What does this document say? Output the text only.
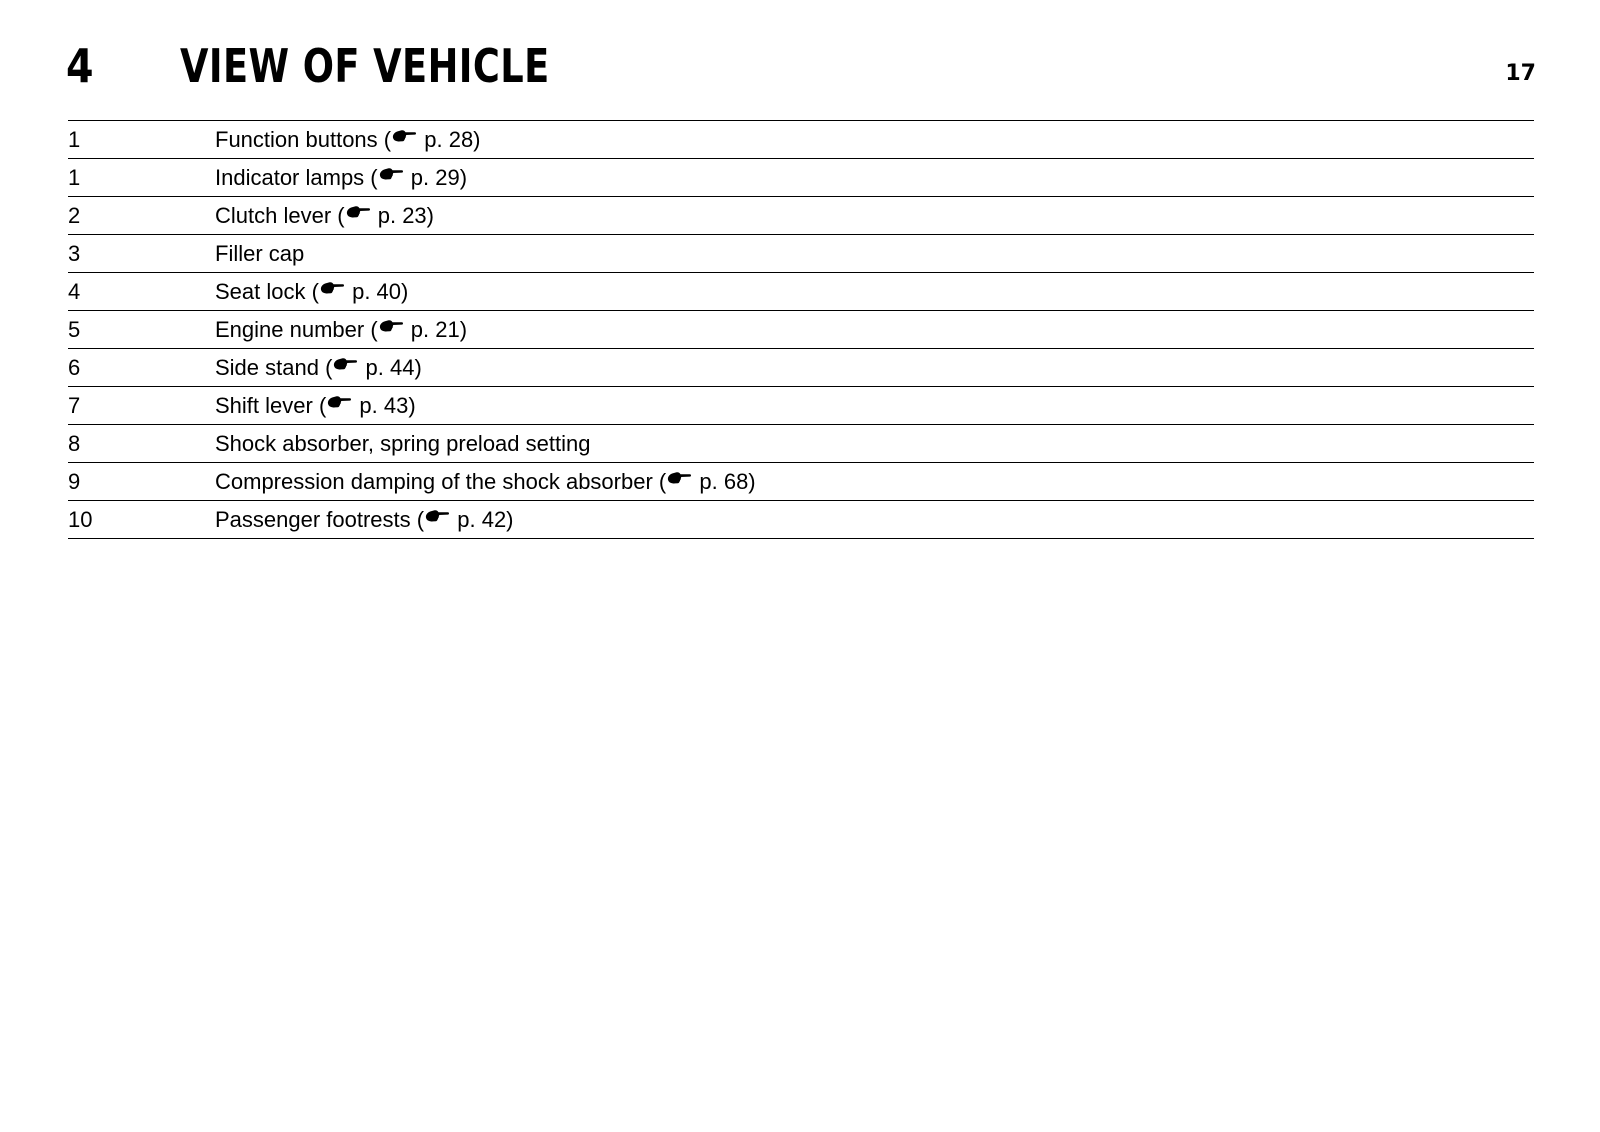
4 VIEW OF VEHICLE	17
1	Function buttons ( p. 28)
1	Indicator lamps ( p. 29)
2	Clutch lever ( p. 23)
3	Filler cap
4	Seat lock ( p. 40)
5	Engine number ( p. 21)
6	Side stand ( p. 44)
7	Shift lever ( p. 43)
8	Shock absorber, spring preload setting
9	Compression damping of the shock absorber ( p. 68)
10	Passenger footrests ( p. 42)
